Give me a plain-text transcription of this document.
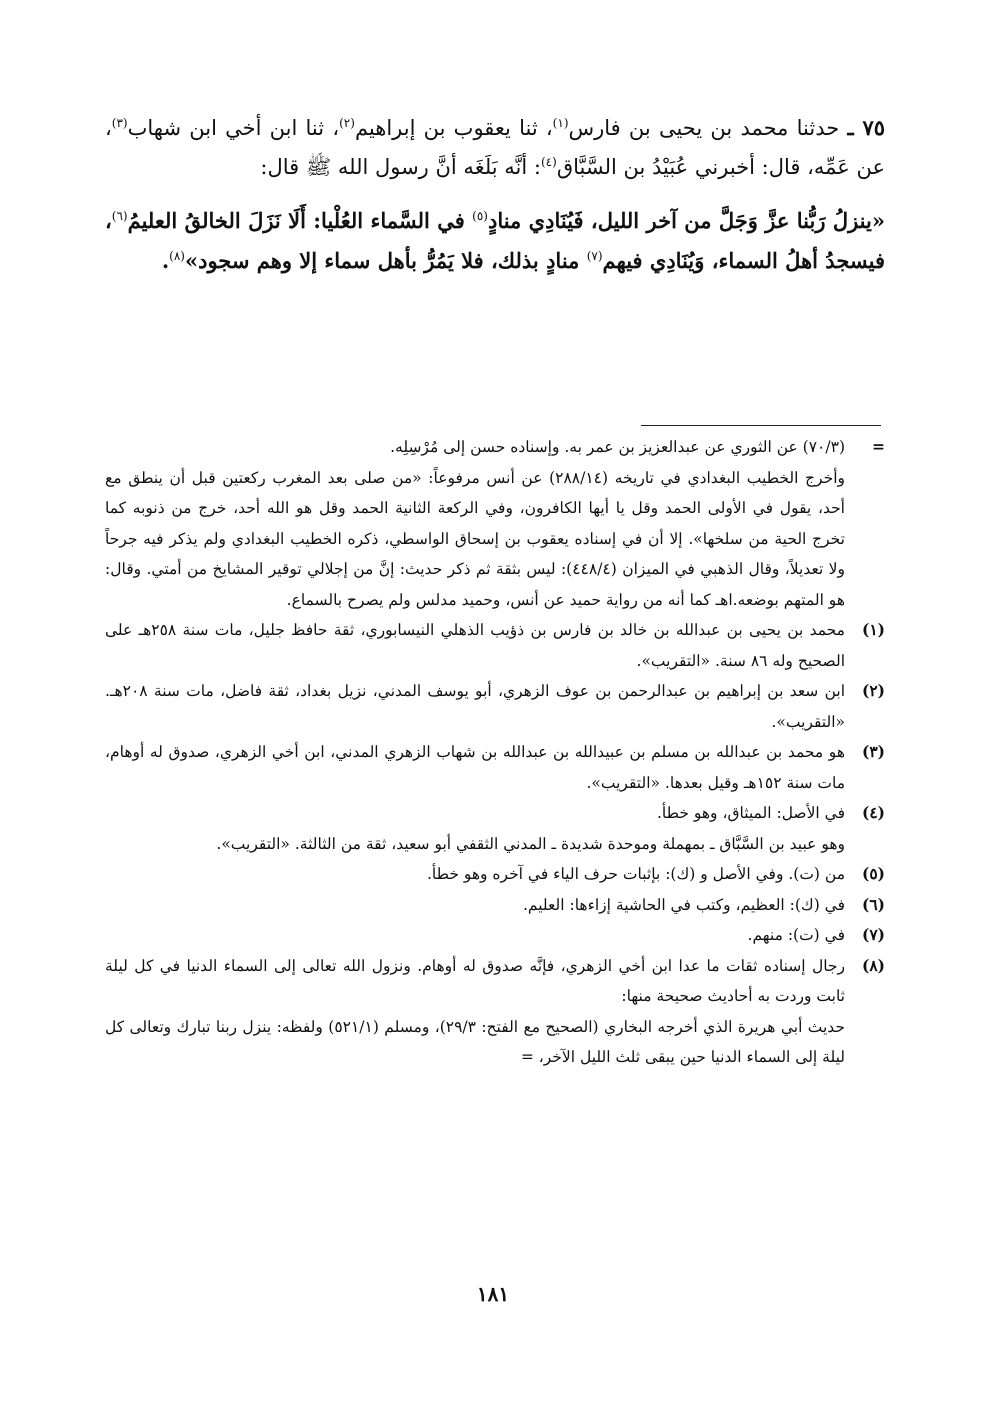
٧٥ ـ حدثنا محمد بن يحيى بن فارس$^{(١)}$، ثنا يعقوب بن إبراهيم$^{(٢)}$، ثنا ابن أخي ابن شهاب$^{(٣)}$، عن عَمِّه، قال: أخبرني عُبَيْدُ بن السَّبَّاق$^{(٤)}$: أنَّه بَلَغَه أنَّ رسول الله ﷺ قال:

«ينزلُ رَبُّنا عزَّ وَجَلَّ من آخر الليل، فَيُنَادِي منادٍ$^{(٥)}$ في السَّماء العُلْيا: أَلَا نَزَلَ الخالقُ العليمُ$^{(٦)}$، فيسجدُ أهلُ السماء، وَيُنَادِي فيهم$^{(٧)}$ منادٍ بذلك، فلا يَمُرُّ بأهل سماء إلا وهم سجود»$^{(٨)}$.

=

(٧٠/٣) عن الثوري عن عبدالعزيز بن عمر به. وإسناده حسن إلى مُرْسِلِه.

وأخرج الخطيب البغدادي في تاريخه (٢٨٨/١٤) عن أنس مرفوعاً: «من صلى بعد المغرب ركعتين قبل أن ينطق مع أحد، يقول في الأولى الحمد وقل يا أيها الكافرون، وفي الركعة الثانية الحمد وقل هو الله أحد، خرج من ذنوبه كما تخرج الحية من سلخها». إلا أن في إسناده يعقوب بن إسحاق الواسطي، ذكره الخطيب البغدادي ولم يذكر فيه جرحاً ولا تعديلاً، وقال الذهبي في الميزان (٤٤٨/٤): ليس بثقة ثم ذكر حديث: إنَّ من إجلالي توقير المشايخ من أمتي. وقال: هو المتهم بوضعه.اهـ كما أنه من رواية حميد عن أنس، وحميد مدلس ولم يصرح بالسماع.

(١)

محمد بن يحيى بن عبدالله بن خالد بن فارس بن ذؤيب الذهلي النيسابوري، ثقة حافظ جليل، مات سنة ٢٥٨هـ على الصحيح وله ٨٦ سنة. «التقريب».

(٢)

ابن سعد بن إبراهيم بن عبدالرحمن بن عوف الزهري، أبو يوسف المدني، نزيل بغداد، ثقة فاضل، مات سنة ٢٠٨هـ. «التقريب».

(٣)

هو محمد بن عبدالله بن مسلم بن عبيدالله بن عبدالله بن شهاب الزهري المدني، ابن أخي الزهري، صدوق له أوهام، مات سنة ١٥٢هـ وقيل بعدها. «التقريب».

(٤)

في الأصل: الميثاق، وهو خطأ.

وهو عبيد بن السَّبَّاق ـ بمهملة وموحدة شديدة ـ المدني الثقفي أبو سعيد، ثقة من الثالثة. «التقريب».

(٥)

من (ت). وفي الأصل و (ك): بإثبات حرف الياء في آخره وهو خطأ.

(٦)

في (ك): العظيم، وكتب في الحاشية إزاءها: العليم.

(٧)

في (ت): منهم.

(٨)

رجال إسناده ثقات ما عدا ابن أخي الزهري، فإنَّه صدوق له أوهام. ونزول الله تعالى إلى السماء الدنيا في كل ليلة ثابت وردت به أحاديث صحيحة منها:

حديث أبي هريرة الذي أخرجه البخاري (الصحيح مع الفتح: ٢٩/٣)، ومسلم (٥٢١/١) ولفظه: ينزل ربنا تبارك وتعالى كل ليلة إلى السماء الدنيا حين يبقى ثلث الليل الآخر، =

١٨١
